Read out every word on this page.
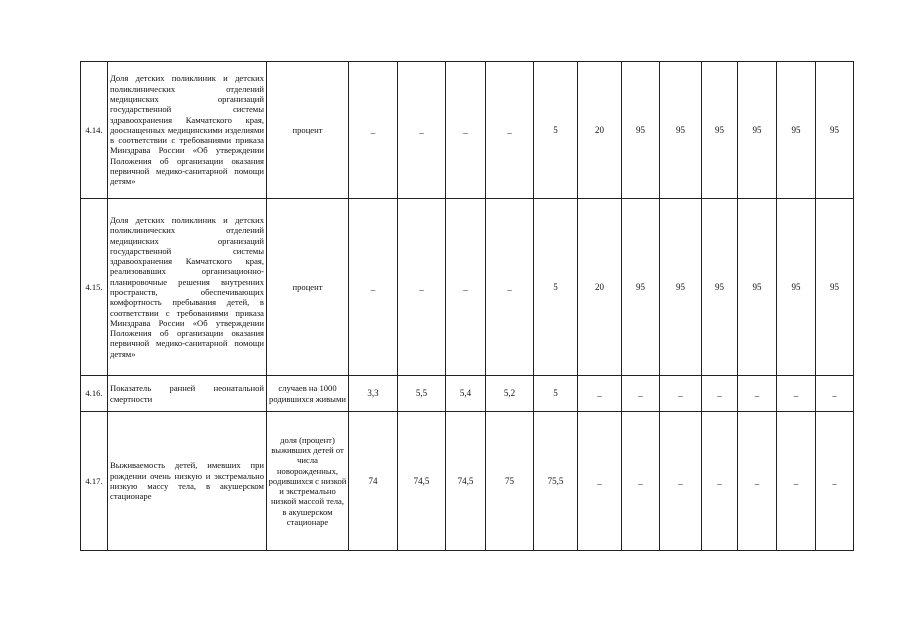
4.14.	Доля детских поликлиник и детских поликлинических отделений медицинских организаций государственной системы здравоохранения Камчатского края, дооснащенных медицинскими изделиями в соответствии с требованиями приказа Минздрава России «Об утверждении Положения об организации оказания первичной медико-санитарной помощи детям»	процент	_	_	_	_	5	20	95	95	95	95	95	95
4.15.	Доля детских поликлиник и детских поликлинических отделений медицинских организаций государственной системы здравоохранения Камчатского края, реализовавших организационно-планировочные решения внутренних пространств, обеспечивающих комфортность пребывания детей, в соответствии с требованиями приказа Минздрава России «Об утверждении Положения об организации оказания первичной медико-санитарной помощи детям»	процент	_	_	_	_	5	20	95	95	95	95	95	95
4.16.	Показатель ранней неонатальной смертности	случаев на 1000 родившихся живыми	3,3	5,5	5,4	5,2	5	_	_	_	_	_	_	_
4.17.	Выживаемость детей, имевших при рождении очень низкую и экстремально низкую массу тела, в акушерском стационаре	доля (процент) выживших детей от числа новорожденных, родившихся с низкой и экстремально низкой массой тела, в акушерском стационаре	74	74,5	74,5	75	75,5	_	_	_	_	_	_	_
